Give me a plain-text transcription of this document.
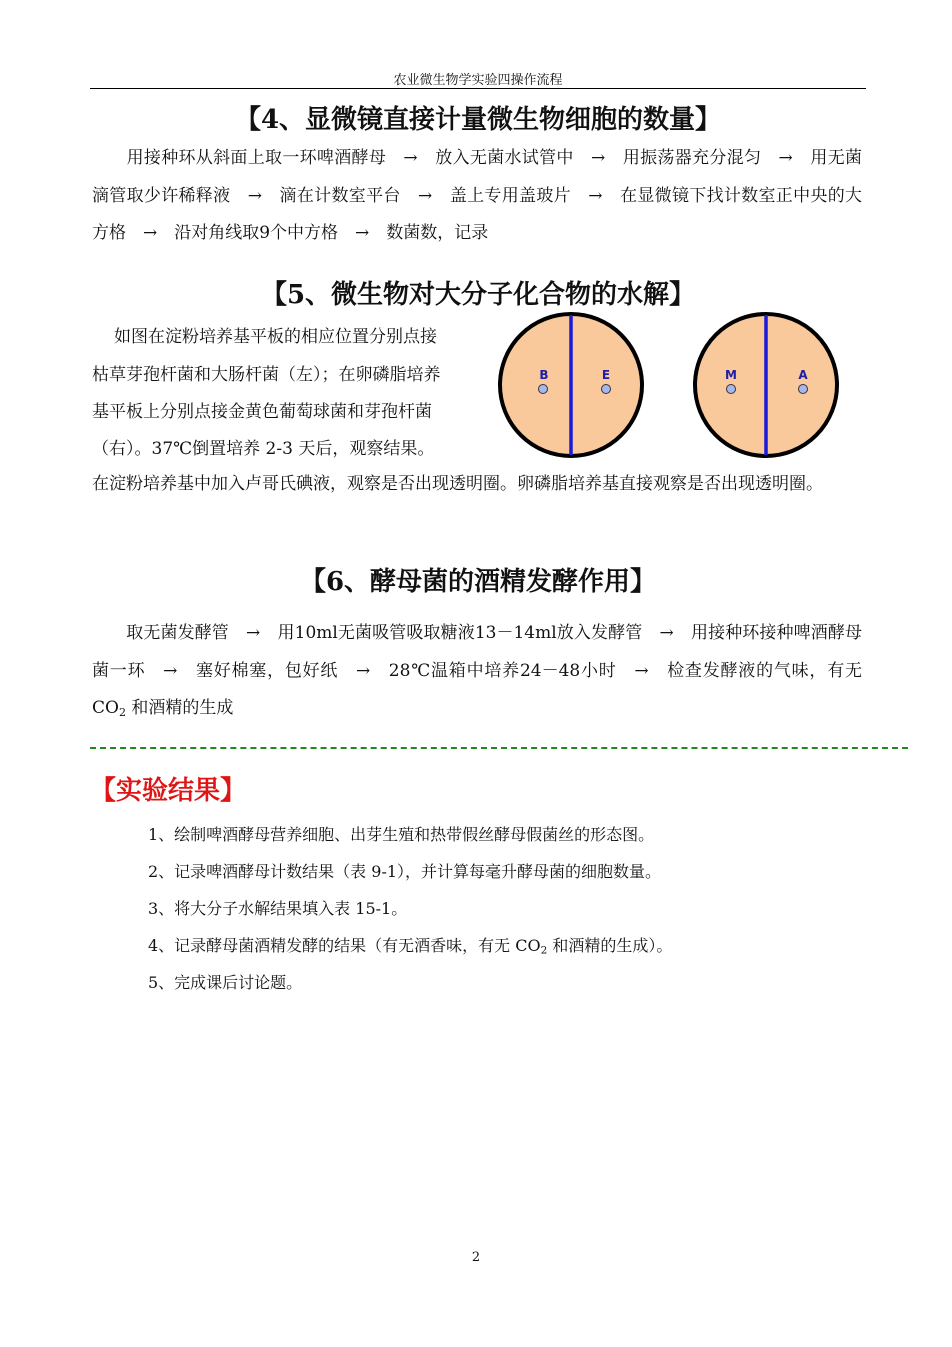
农业微生物学实验四操作流程
【4、显微镜直接计量微生物细胞的数量】
　　用接种环从斜面上取一环啤酒酵母　→　放入无菌水试管中　→　用振荡器充分混匀　→　用无菌滴管取少许稀释液　→　滴在计数室平台　→　盖上专用盖玻片　→　在显微镜下找计数室正中央的大方格　→　沿对角线取9个中方格　→　数菌数，记录
【5、微生物对大分子化合物的水解】
如图在淀粉培养基平板的相应位置分别点接
枯草芽孢杆菌和大肠杆菌（左）；在卵磷脂培养
基平板上分别点接金黄色葡萄球菌和芽孢杆菌
（右）。37℃倒置培养 2-3 天后，观察结果。
在淀粉培养基中加入卢哥氏碘液，观察是否出现透明圈。卵磷脂培养基直接观察是否出现透明圈。
B	E	M	A
【6、酵母菌的酒精发酵作用】
　　取无菌发酵管　→　用10ml无菌吸管吸取糖液13－14ml放入发酵管　→　用接种环接种啤酒酵母菌一环　→　塞好棉塞，包好纸　→　28℃温箱中培养24－48小时　→　检查发酵液的气味，有无 $CO_2$ 和酒精的生成
【实验结果】
1、绘制啤酒酵母营养细胞、出芽生殖和热带假丝酵母假菌丝的形态图。
2、记录啤酒酵母计数结果（表 9-1），并计算每毫升酵母菌的细胞数量。
3、将大分子水解结果填入表 15-1。
4、记录酵母菌酒精发酵的结果（有无酒香味，有无 $CO_2$ 和酒精的生成）。
5、完成课后讨论题。
2
